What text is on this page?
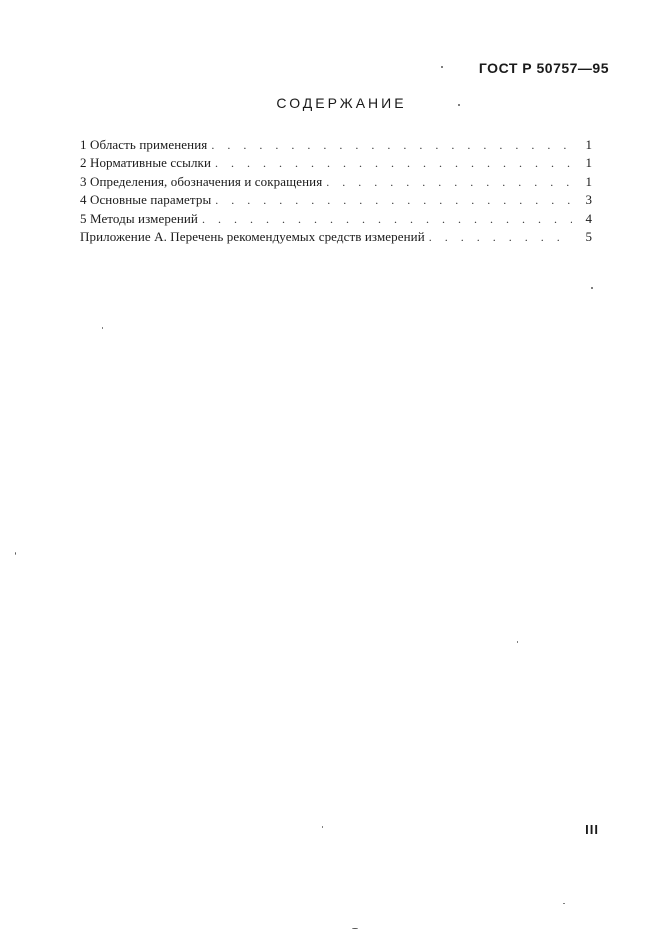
ГОСТ Р 50757—95
СОДЕРЖАНИЕ
1 Область применения . . .	1
2 Нормативные ссылки . . .	1
3 Определения, обозначения и сокращения . . .	1
4 Основные параметры . . .	3
5 Методы измерений . . .	4
Приложение А. Перечень рекомендуемых средств измерений . . .	5
III
